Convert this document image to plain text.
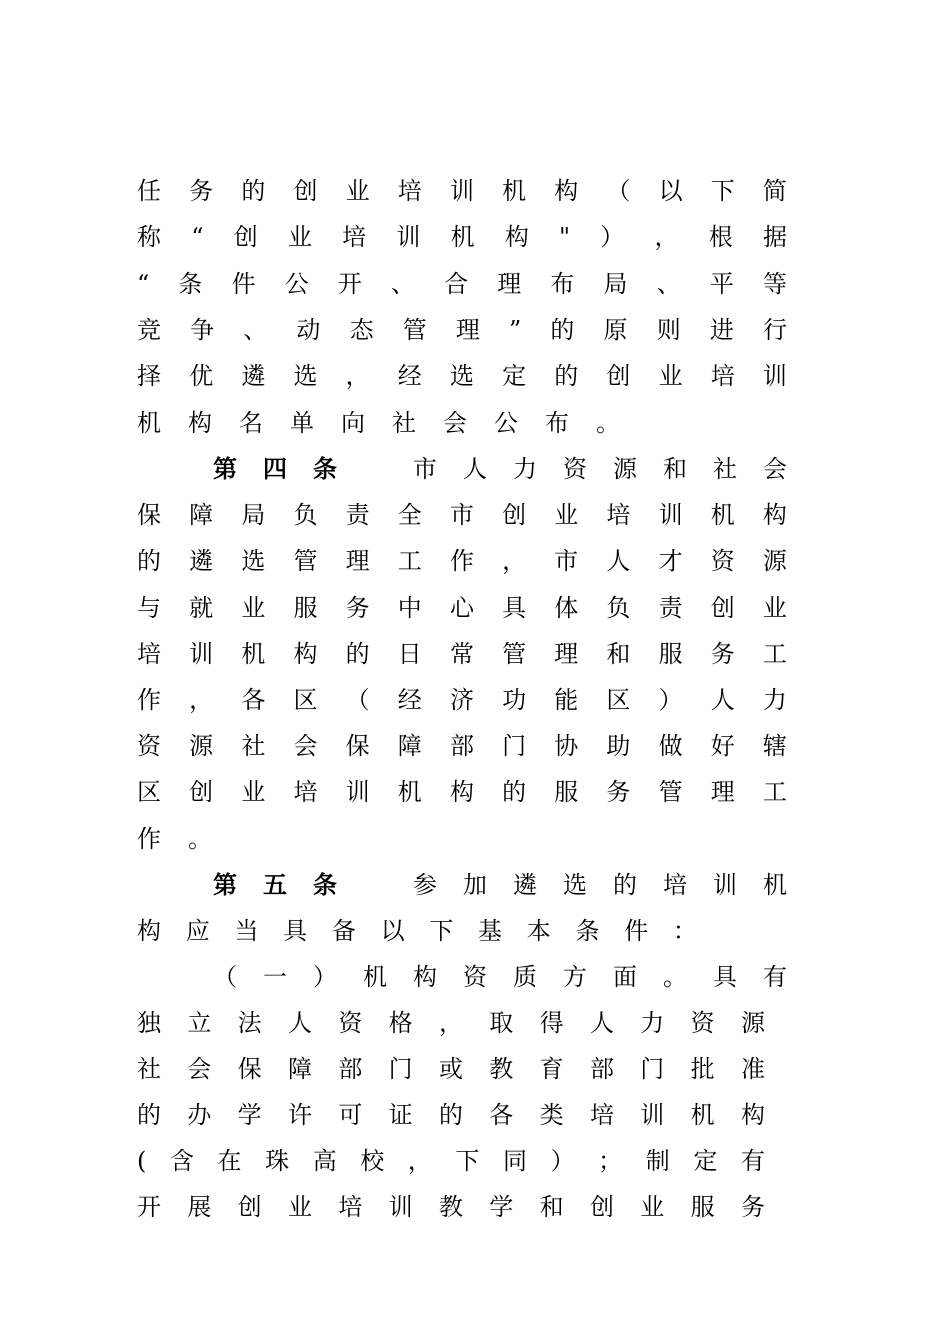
任 务 的 创 业 培 训 机 构 （ 以 下 简
称 “ 创 业 培 训 机 构 " ） ， 根 据
“ 条 件 公 开 、 合 理 布 局 、 平 等
竞 争 、 动 态 管 理 ” 的 原 则 进 行
择 优 遴 选 ， 经 选 定 的 创 业 培 训
机 构 名 单 向 社 会 公 布 。
第四条 市 人 力 资 源 和 社 会
保 障 局 负 责 全 市 创 业 培 训 机 构
的 遴 选 管 理 工 作 ， 市 人 才 资 源
与 就 业 服 务 中 心 具 体 负 责 创 业
培 训 机 构 的 日 常 管 理 和 服 务 工
作 ， 各 区 （ 经 济 功 能 区 ） 人 力
资 源 社 会 保 障 部 门 协 助 做 好 辖
区 创 业 培 训 机 构 的 服 务 管 理 工
作 。
第五条 参 加 遴 选 的 培 训 机
构 应 当 具 备 以 下 基 本 条 件 ：
（ 一 ） 机 构 资 质 方 面 。 具 有
独 立 法 人 资 格 ， 取 得 人 力 资 源
社 会 保 障 部 门 或 教 育 部 门 批 准
的 办 学 许 可 证 的 各 类 培 训 机 构
( 含 在 珠 高 校 ， 下 同 ） ； 制 定 有
开 展 创 业 培 训 教 学 和 创 业 服 务
